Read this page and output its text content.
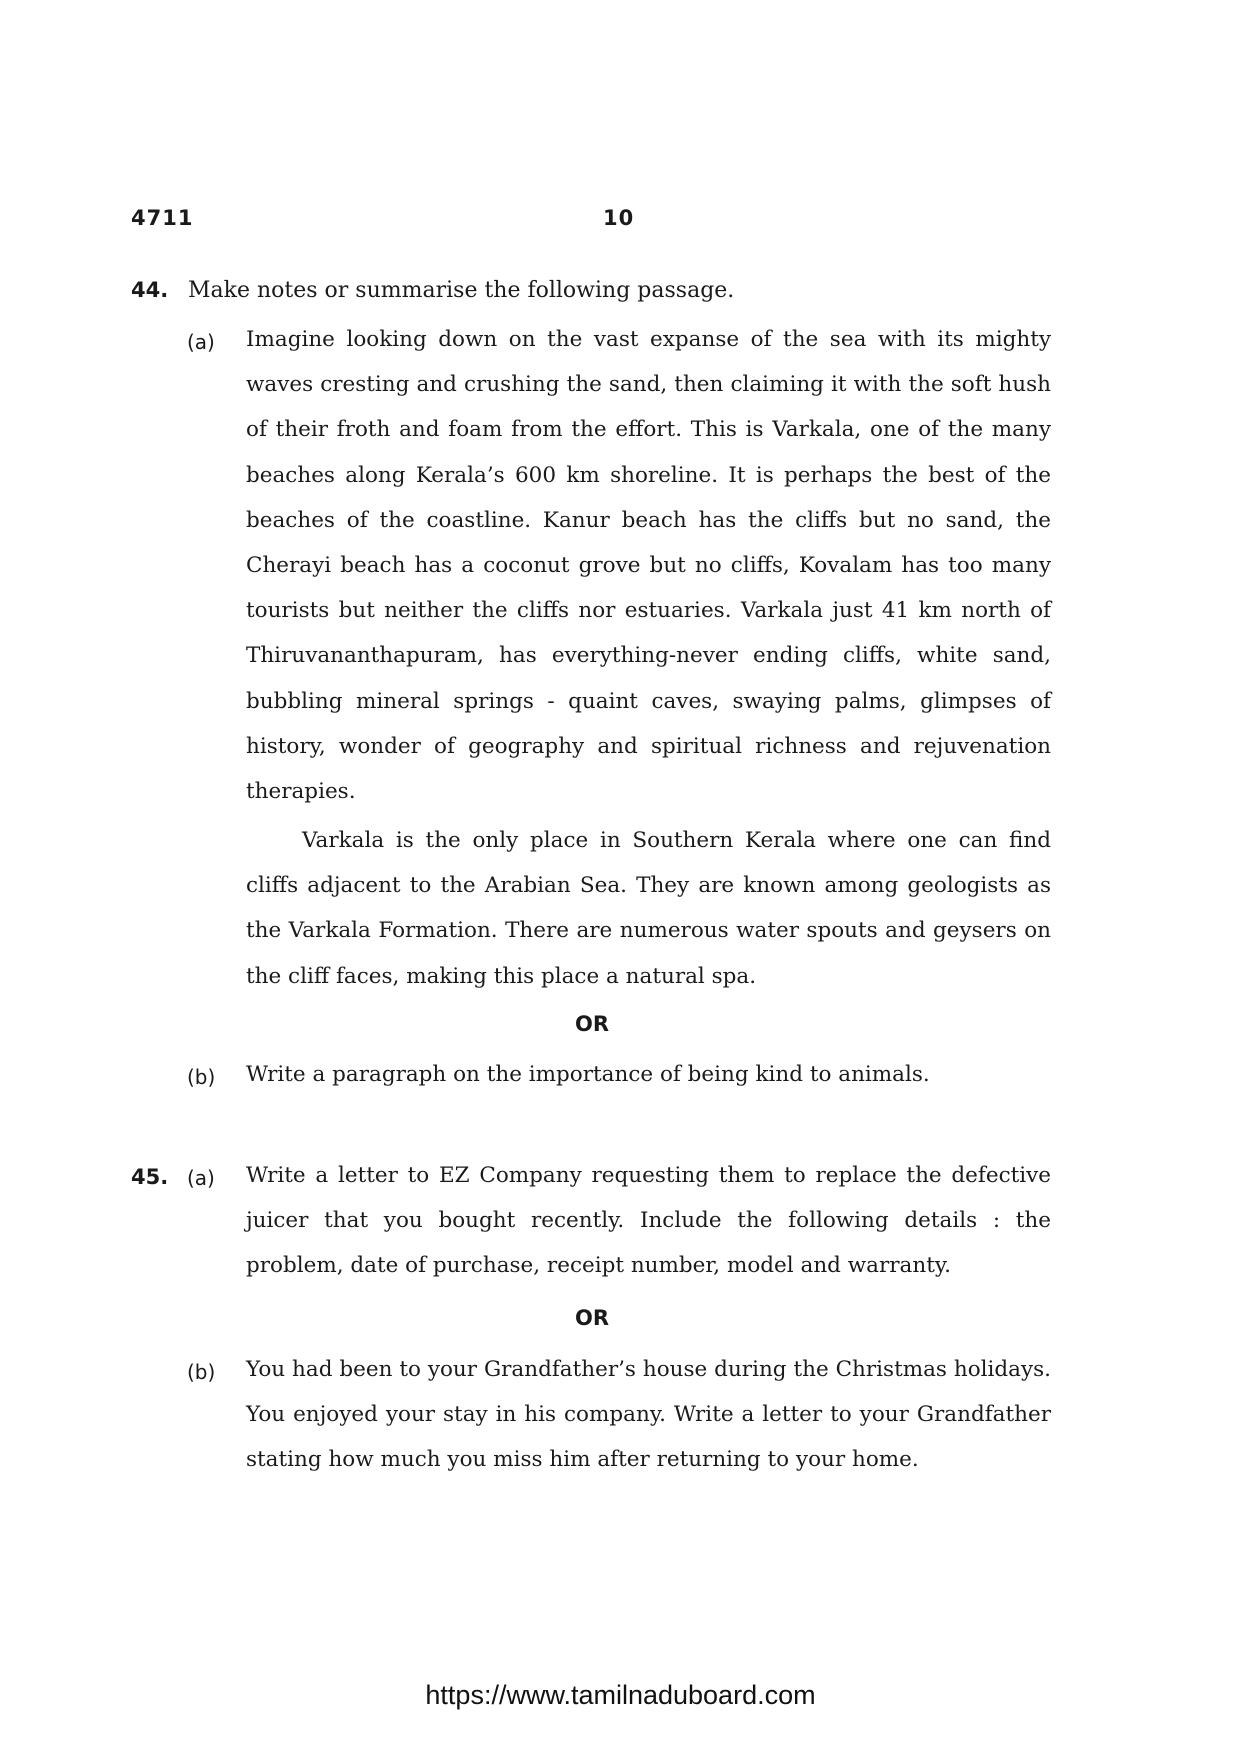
4711	10
44. Make notes or summarise the following passage.
(a) Imagine looking down on the vast expanse of the sea with its mighty waves cresting and crushing the sand, then claiming it with the soft hush of their froth and foam from the effort. This is Varkala, one of the many beaches along Kerala’s 600 km shoreline. It is perhaps the best of the beaches of the coastline. Kanur beach has the cliffs but no sand, the Cherayi beach has a coconut grove but no cliffs, Kovalam has too many tourists but neither the cliffs nor estuaries. Varkala just 41 km north of Thiruvananthapuram, has everything-never ending cliffs, white sand, bubbling mineral springs - quaint caves, swaying palms, glimpses of history, wonder of geography and spiritual richness and rejuvenation therapies.

Varkala is the only place in Southern Kerala where one can find cliffs adjacent to the Arabian Sea. They are known among geologists as the Varkala Formation. There are numerous water spouts and geysers on the cliff faces, making this place a natural spa.

OR
(b) Write a paragraph on the importance of being kind to animals.

45. (a) Write a letter to EZ Company requesting them to replace the defective juicer that you bought recently. Include the following details : the problem, date of purchase, receipt number, model and warranty.

OR
(b) You had been to your Grandfather’s house during the Christmas holidays. You enjoyed your stay in his company. Write a letter to your Grandfather stating how much you miss him after returning to your home.

https://www.tamilnaduboard.com
